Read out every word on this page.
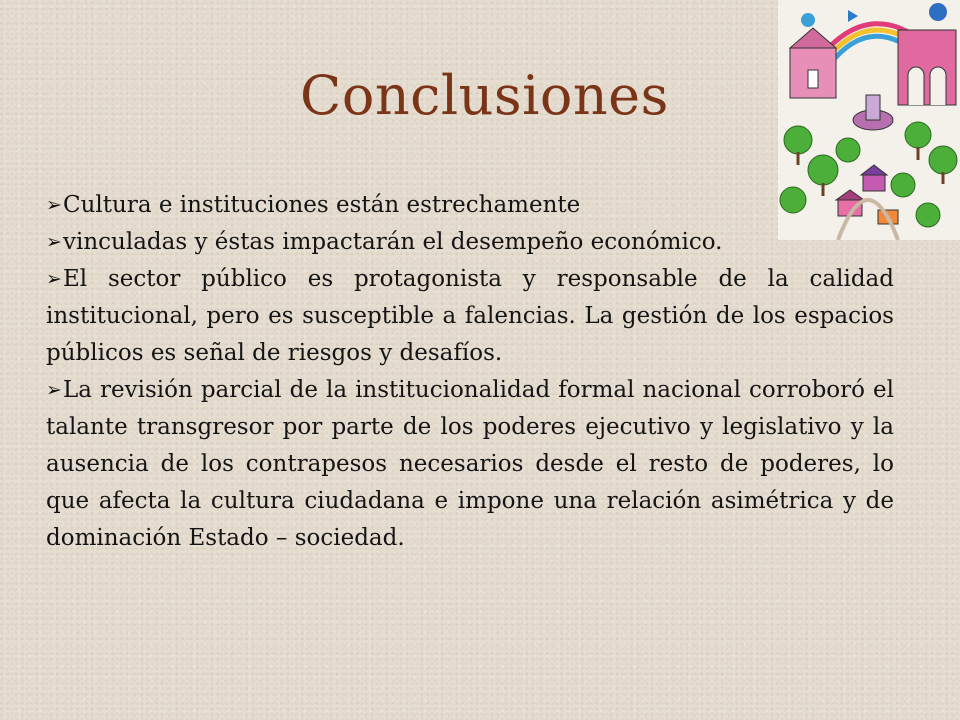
Conclusiones

➢Cultura e instituciones están estrechamente

➢vinculadas y éstas impactarán el desempeño económico.

➢El sector público es protagonista y responsable de la calidad institucional, pero es susceptible a falencias. La gestión de los espacios públicos es señal de riesgos y desafíos.

➢La revisión parcial de la institucionalidad formal nacional corroboró el talante transgresor por parte de los poderes ejecutivo y legislativo y la ausencia de los contrapesos necesarios desde el resto de poderes, lo que afecta la cultura ciudadana e impone una relación asimétrica y de dominación Estado – sociedad.
